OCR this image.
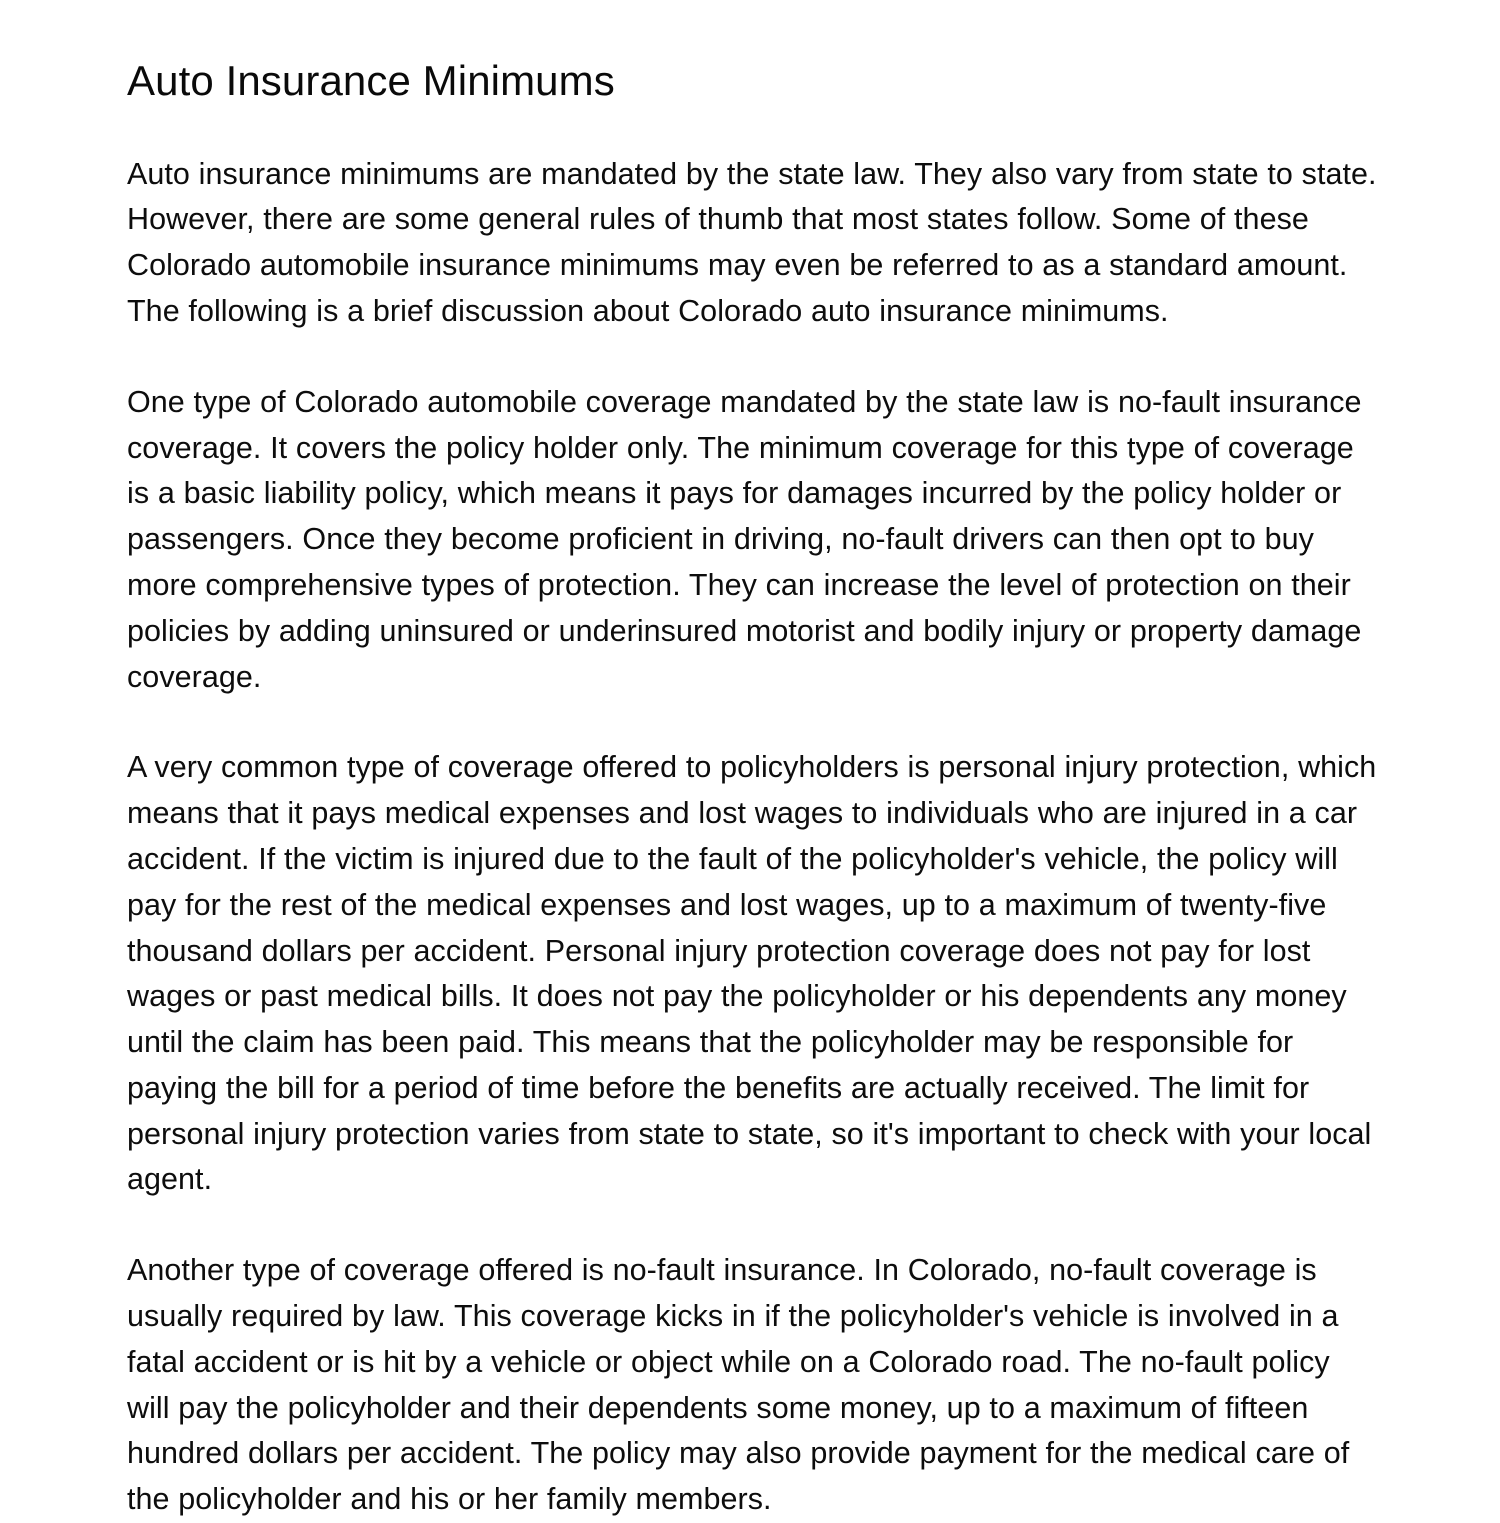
Auto Insurance Minimums

Auto insurance minimums are mandated by the state law. They also vary from state to state. However, there are some general rules of thumb that most states follow. Some of these Colorado automobile insurance minimums may even be referred to as a standard amount. The following is a brief discussion about Colorado auto insurance minimums.

One type of Colorado automobile coverage mandated by the state law is no-fault insurance coverage. It covers the policy holder only. The minimum coverage for this type of coverage is a basic liability policy, which means it pays for damages incurred by the policy holder or passengers. Once they become proficient in driving, no-fault drivers can then opt to buy more comprehensive types of protection. They can increase the level of protection on their policies by adding uninsured or underinsured motorist and bodily injury or property damage coverage.

A very common type of coverage offered to policyholders is personal injury protection, which means that it pays medical expenses and lost wages to individuals who are injured in a car accident. If the victim is injured due to the fault of the policyholder's vehicle, the policy will pay for the rest of the medical expenses and lost wages, up to a maximum of twenty-five thousand dollars per accident. Personal injury protection coverage does not pay for lost wages or past medical bills. It does not pay the policyholder or his dependents any money until the claim has been paid. This means that the policyholder may be responsible for paying the bill for a period of time before the benefits are actually received. The limit for personal injury protection varies from state to state, so it's important to check with your local agent.

Another type of coverage offered is no-fault insurance. In Colorado, no-fault coverage is usually required by law. This coverage kicks in if the policyholder's vehicle is involved in a fatal accident or is hit by a vehicle or object while on a Colorado road. The no-fault policy will pay the policyholder and their dependents some money, up to a maximum of fifteen hundred dollars per accident. The policy may also provide payment for the medical care of the policyholder and his or her family members.
